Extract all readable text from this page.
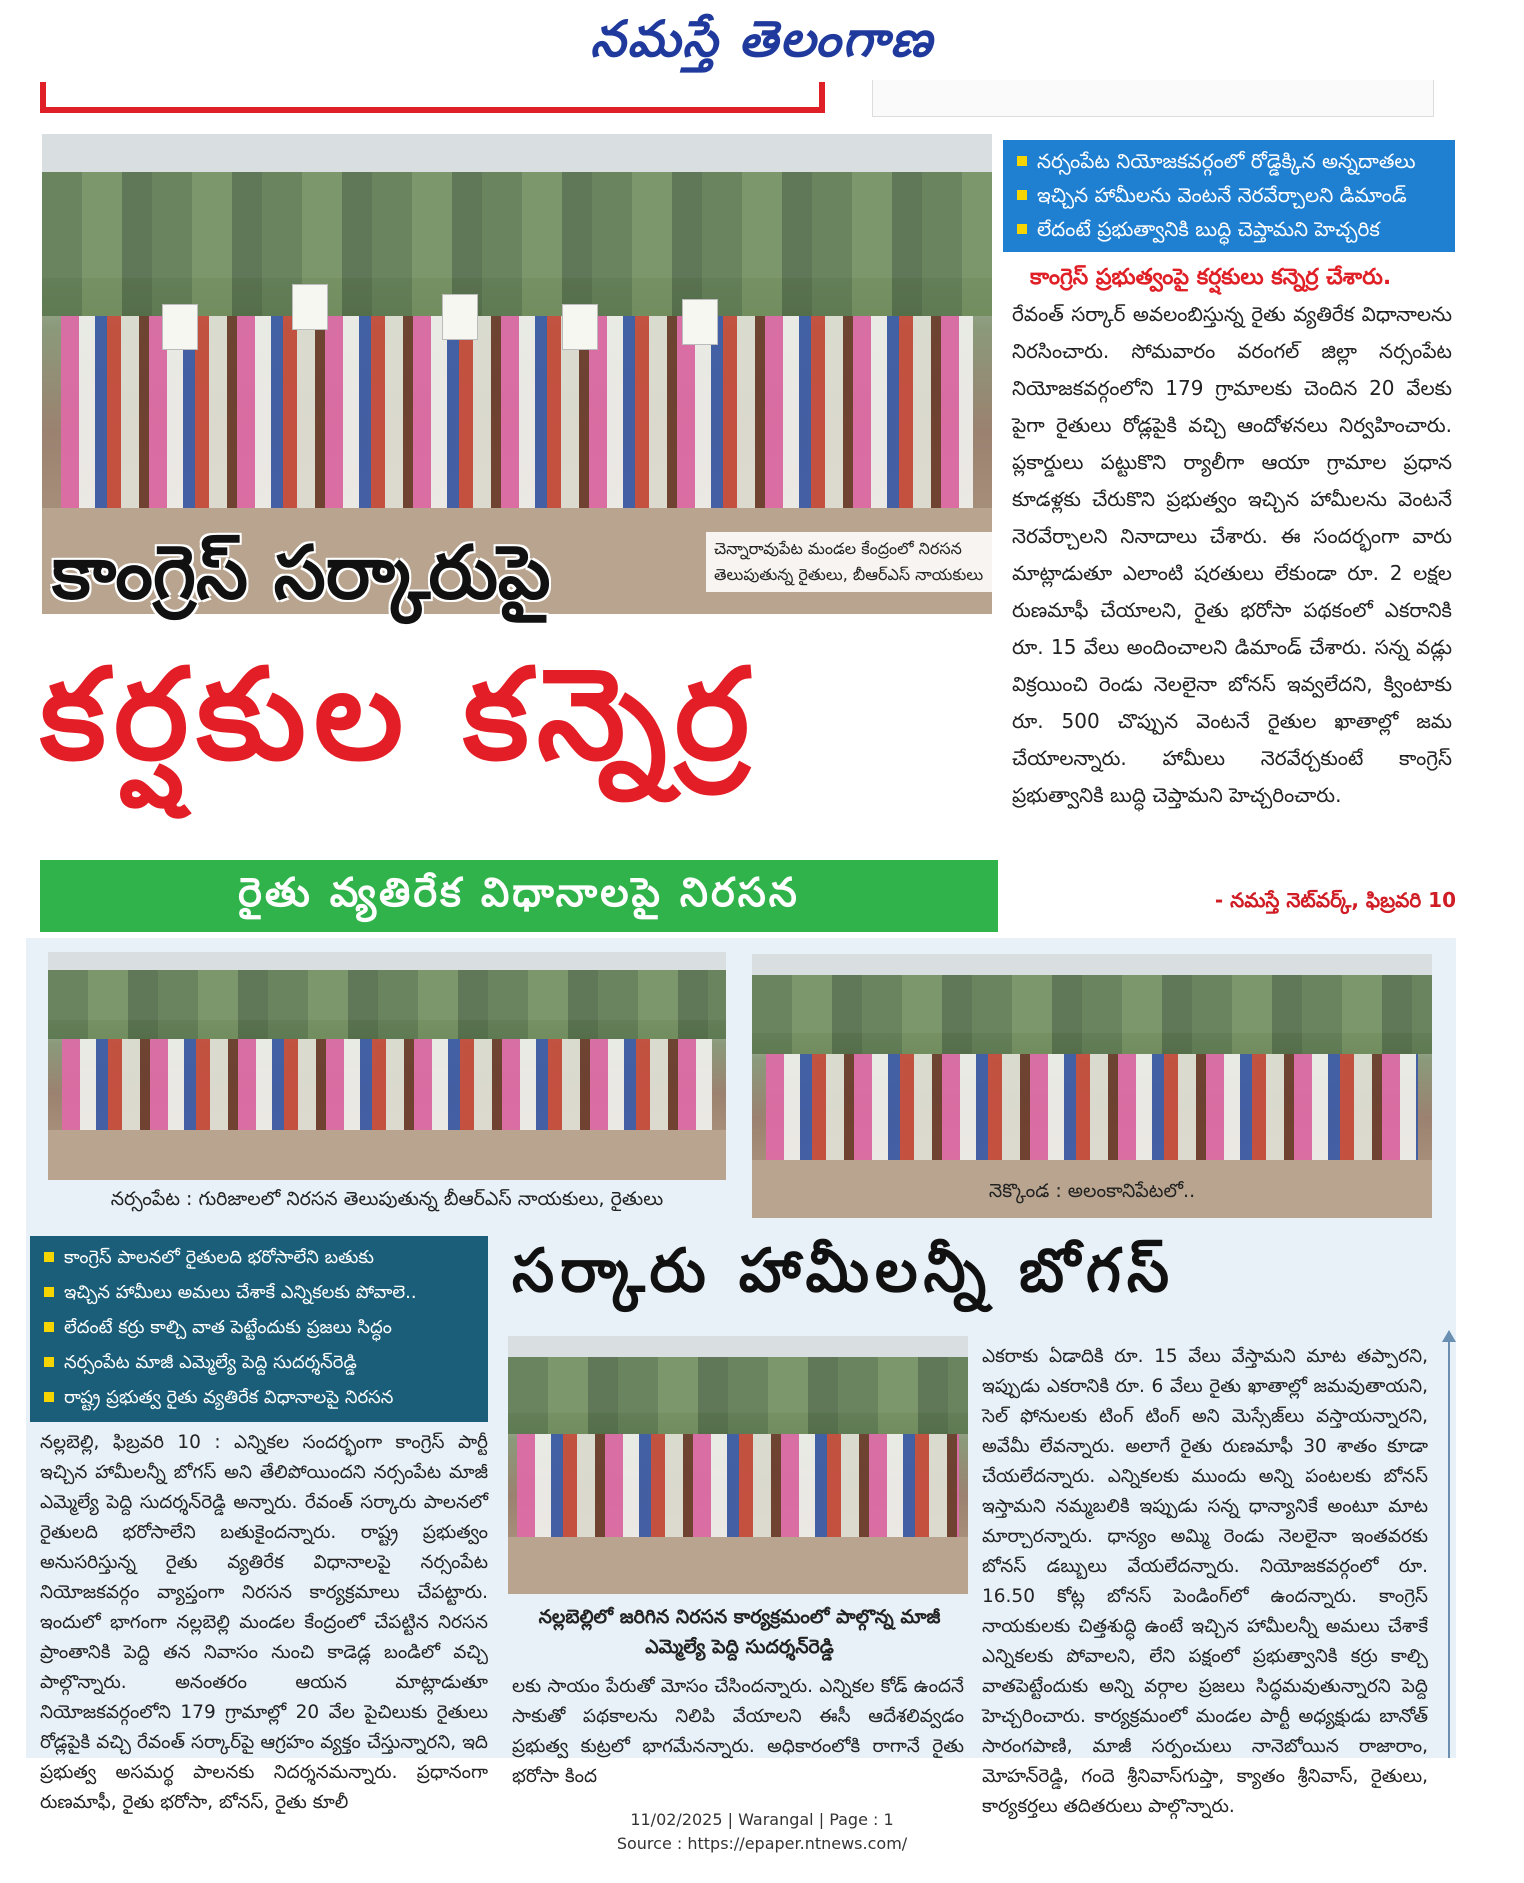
నమస్తే తెలంగాణ
చెన్నారావుపేట మండల కేంద్రంలో నిరసన తెలుపుతున్న రైతులు, బీఆర్ఎస్ నాయకులు
కాంగ్రెస్ సర్కారుపై
కర్షకుల కన్నెర్ర
రైతు వ్యతిరేక విధానాలపై నిరసన
నర్సంపేట నియోజకవర్గంలో రోడ్డెక్కిన అన్నదాతలు
ఇచ్చిన హామీలను వెంటనే నెరవేర్చాలని డిమాండ్
లేదంటే ప్రభుత్వానికి బుద్ధి చెప్తామని హెచ్చరిక
కాంగ్రెస్ ప్రభుత్వంపై కర్షకులు కన్నెర్ర చేశారు.
రేవంత్ సర్కార్ అవలంబిస్తున్న రైతు వ్యతిరేక విధానాలను నిరసించారు. సోమవారం వరంగల్ జిల్లా నర్సంపేట నియోజకవర్గంలోని 179 గ్రామాలకు చెందిన 20 వేలకు పైగా రైతులు రోడ్లపైకి వచ్చి ఆందోళనలు నిర్వహించారు. ప్లకార్డులు పట్టుకొని ర్యాలీగా ఆయా గ్రామాల ప్రధాన కూడళ్లకు చేరుకొని ప్రభుత్వం ఇచ్చిన హామీలను వెంటనే నెరవేర్చాలని నినాదాలు చేశారు. ఈ సందర్భంగా వారు మాట్లాడుతూ ఎలాంటి షరతులు లేకుండా రూ. 2 లక్షల రుణమాఫీ చేయాలని, రైతు భరోసా పథకంలో ఎకరానికి రూ. 15 వేలు అందించాలని డిమాండ్ చేశారు. సన్న వడ్లు విక్రయించి రెండు నెలలైనా బోనస్ ఇవ్వలేదని, క్వింటాకు రూ. 500 చొప్పున వెంటనే రైతుల ఖాతాల్లో జమ చేయాలన్నారు. హామీలు నెరవేర్చకుంటే కాంగ్రెస్ ప్రభుత్వానికి బుద్ధి చెప్తామని హెచ్చరించారు.
- నమస్తే నెట్‌వర్క్, ఫిబ్రవరి 10
నర్సంపేట : గురిజాలలో నిరసన తెలుపుతున్న బీఆర్ఎస్ నాయకులు, రైతులు	నెక్కొండ : అలంకానిపేటలో..
కాంగ్రెస్ పాలనలో రైతులది భరోసాలేని బతుకు
ఇచ్చిన హామీలు అమలు చేశాకే ఎన్నికలకు పోవాలె..
లేదంటే కర్రు కాల్చి వాత పెట్టేందుకు ప్రజలు సిద్ధం
నర్సంపేట మాజీ ఎమ్మెల్యే పెద్ది సుదర్శన్‌రెడ్డి
రాష్ట్ర ప్రభుత్వ రైతు వ్యతిరేక విధానాలపై నిరసన
సర్కారు హామీలన్నీ బోగస్
నల్లబెల్లిలో జరిగిన నిరసన కార్యక్రమంలో పాల్గొన్న మాజీ ఎమ్మెల్యే పెద్ది సుదర్శన్‌రెడ్డి
నల్లబెల్లి, ఫిబ్రవరి 10 : ఎన్నికల సందర్భంగా కాంగ్రెస్ పార్టీ ఇచ్చిన హామీలన్నీ బోగస్ అని తేలిపోయిందని నర్సంపేట మాజీ ఎమ్మెల్యే పెద్ది సుదర్శన్‌రెడ్డి అన్నారు. రేవంత్ సర్కారు పాలనలో రైతులది భరోసాలేని బతుకైందన్నారు. రాష్ట్ర ప్రభుత్వం అనుసరిస్తున్న రైతు వ్యతిరేక విధానాలపై నర్సంపేట నియోజకవర్గం వ్యాప్తంగా నిరసన కార్యక్రమాలు చేపట్టారు. ఇందులో భాగంగా నల్లబెల్లి మండల కేంద్రంలో చేపట్టిన నిరసన ప్రాంతానికి పెద్ది తన నివాసం నుంచి కాడెడ్ల బండిలో వచ్చి పాల్గొన్నారు. అనంతరం ఆయన మాట్లాడుతూ నియోజకవర్గంలోని 179 గ్రామాల్లో 20 వేల పైచిలుకు రైతులు రోడ్లపైకి వచ్చి రేవంత్ సర్కార్‌పై ఆగ్రహం వ్యక్తం చేస్తున్నారని, ఇది ప్రభుత్వ అసమర్థ పాలనకు నిదర్శనమన్నారు. ప్రధానంగా రుణమాఫీ, రైతు భరోసా, బోనస్, రైతు కూలీ
లకు సాయం పేరుతో మోసం చేసిందన్నారు. ఎన్నికల కోడ్ ఉందనే సాకుతో పథకాలను నిలిపి వేయాలని ఈసీ ఆదేశలివ్వడం ప్రభుత్వ కుట్రలో భాగమేనన్నారు. అధికారంలోకి రాగానే రైతు భరోసా కింద
ఎకరాకు ఏడాదికి రూ. 15 వేలు వేస్తామని మాట తప్పారని, ఇప్పుడు ఎకరానికి రూ. 6 వేలు రైతు ఖాతాల్లో జమవుతాయని, సెల్ ఫోనులకు టింగ్ టింగ్ అని మెస్సేజ్‌లు వస్తాయన్నారని, అవేమీ లేవన్నారు. అలాగే రైతు రుణమాఫీ 30 శాతం కూడా చేయలేదన్నారు. ఎన్నికలకు ముందు అన్ని పంటలకు బోనస్ ఇస్తామని నమ్మబలికి ఇప్పుడు సన్న ధాన్యానికే అంటూ మాట మార్చారన్నారు. ధాన్యం అమ్మి రెండు నెలలైనా ఇంతవరకు బోనస్ డబ్బులు వేయలేదన్నారు. నియోజకవర్గంలో రూ. 16.50 కోట్ల బోనస్ పెండింగ్‌లో ఉందన్నారు. కాంగ్రెస్ నాయకులకు చిత్తశుద్ధి ఉంటే ఇచ్చిన హామీలన్నీ అమలు చేశాకే ఎన్నికలకు పోవాలని, లేని పక్షంలో ప్రభుత్వానికి కర్రు కాల్చి వాతపెట్టేందుకు అన్ని వర్గాల ప్రజలు సిద్ధమవుతున్నారని పెద్ది హెచ్చరించారు. కార్యక్రమంలో మండల పార్టీ అధ్యక్షుడు బానోత్ సారంగపాణి, మాజీ సర్పంచులు నానెబోయిన రాజారాం, మోహన్‌రెడ్డి, గందె శ్రీనివాస్‌గుప్తా, క్యాతం శ్రీనివాస్, రైతులు, కార్యకర్తలు తదితరులు పాల్గొన్నారు.
11/02/2025 | Warangal | Page : 1
Source : https://epaper.ntnews.com/
